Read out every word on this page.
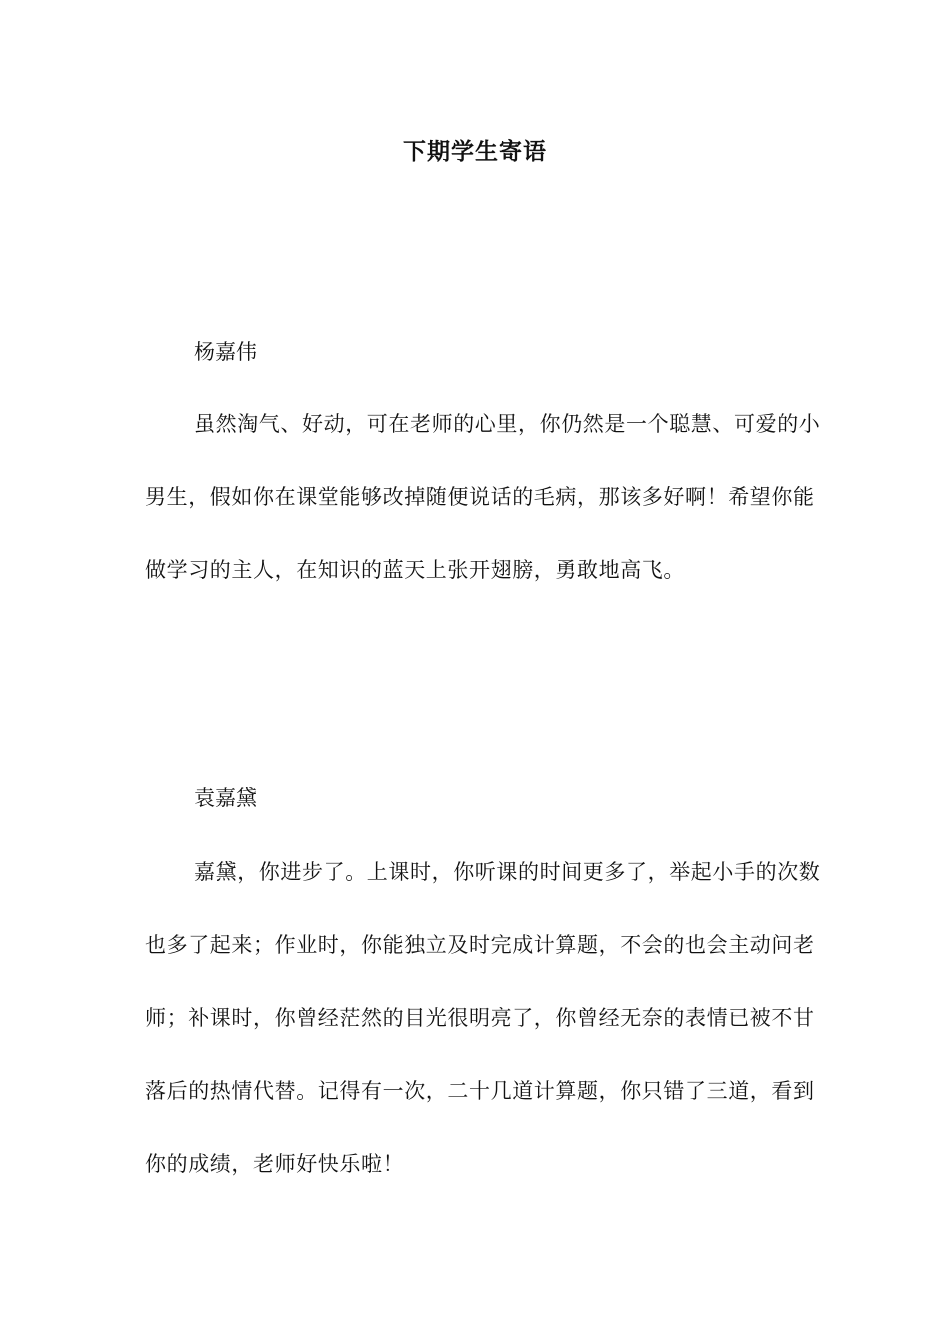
下期学生寄语

杨嘉伟

虽然淘气、好动，可在老师的心里，你仍然是一个聪慧、可爱的小男生，假如你在课堂能够改掉随便说话的毛病，那该多好啊！希望你能做学习的主人，在知识的蓝天上张开翅膀，勇敢地高飞。

袁嘉黛

嘉黛，你进步了。上课时，你听课的时间更多了，举起小手的次数也多了起来；作业时，你能独立及时完成计算题，不会的也会主动问老师；补课时，你曾经茫然的目光很明亮了，你曾经无奈的表情已被不甘落后的热情代替。记得有一次，二十几道计算题，你只错了三道，看到你的成绩，老师好快乐啦！
